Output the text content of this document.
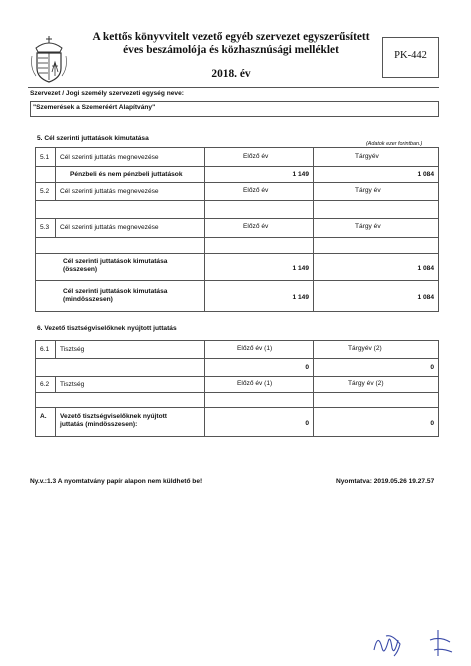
A kettős könyvvitelt vezető egyéb szervezet egyszerűsített
éves beszámolója és közhasznúsági melléklet
2018. év
PK-442
Szervezet / Jogi személy szervezeti egység neve:
"Szemerések a Szemeréért Alapítvány"
5. Cél szerinti juttatások kimutatása
(Adatok ezer forintban.)
5.1 Cél szerinti juttatás megnevezése	Előző év	Tárgyév
Pénzbeli és nem pénzbeli juttatások	1 149	1 084
5.2 Cél szerinti juttatás megnevezése	Előző év	Tárgy év
5.3 Cél szerinti juttatás megnevezése	Előző év	Tárgy év
Cél szerinti juttatások kimutatása
(összesen)	1 149	1 084
Cél szerinti juttatások kimutatása
(mindösszesen)	1 149	1 084
6. Vezető tisztségviselőknek nyújtott juttatás
6.1 Tisztség	Előző év (1)	Tárgyév (2)
0	0
6.2 Tisztség	Előző év (1)	Tárgy év (2)
A. Vezető tisztségviselőknek nyújtott
juttatás (mindösszesen):	0	0
Ny.v.:1.3 A nyomtatvány papír alapon nem küldhető be!	Nyomtatva: 2019.05.26 19.27.57
